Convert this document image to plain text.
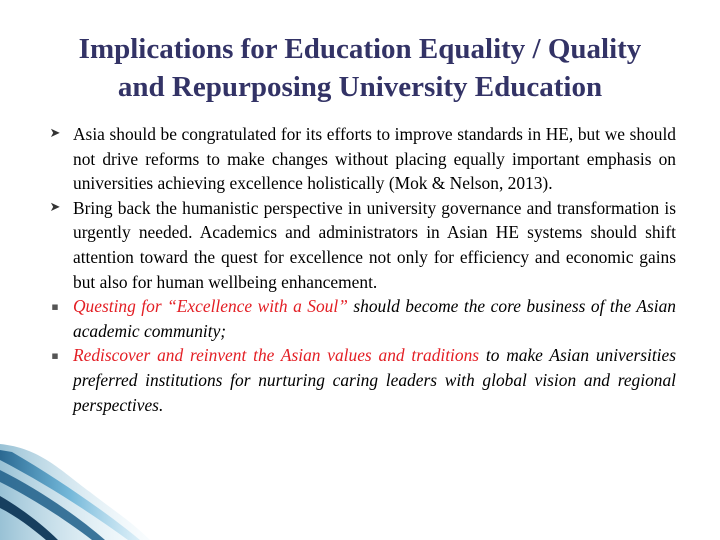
Implications for Education Equality / Quality
and Repurposing University Education
➤ Asia should be congratulated for its efforts to improve standards in HE, but we should not drive reforms to make changes without placing equally important emphasis on universities achieving excellence holistically (Mok & Nelson, 2013).
➤ Bring back the humanistic perspective in university governance and transformation is urgently needed. Academics and administrators in Asian HE systems should shift attention toward the quest for excellence not only for efficiency and economic gains but also for human wellbeing enhancement.
▪ Questing for “Excellence with a Soul” should become the core business of the Asian academic community;
▪ Rediscover and reinvent the Asian values and traditions to make Asian universities preferred institutions for nurturing caring leaders with global vision and regional perspectives.
